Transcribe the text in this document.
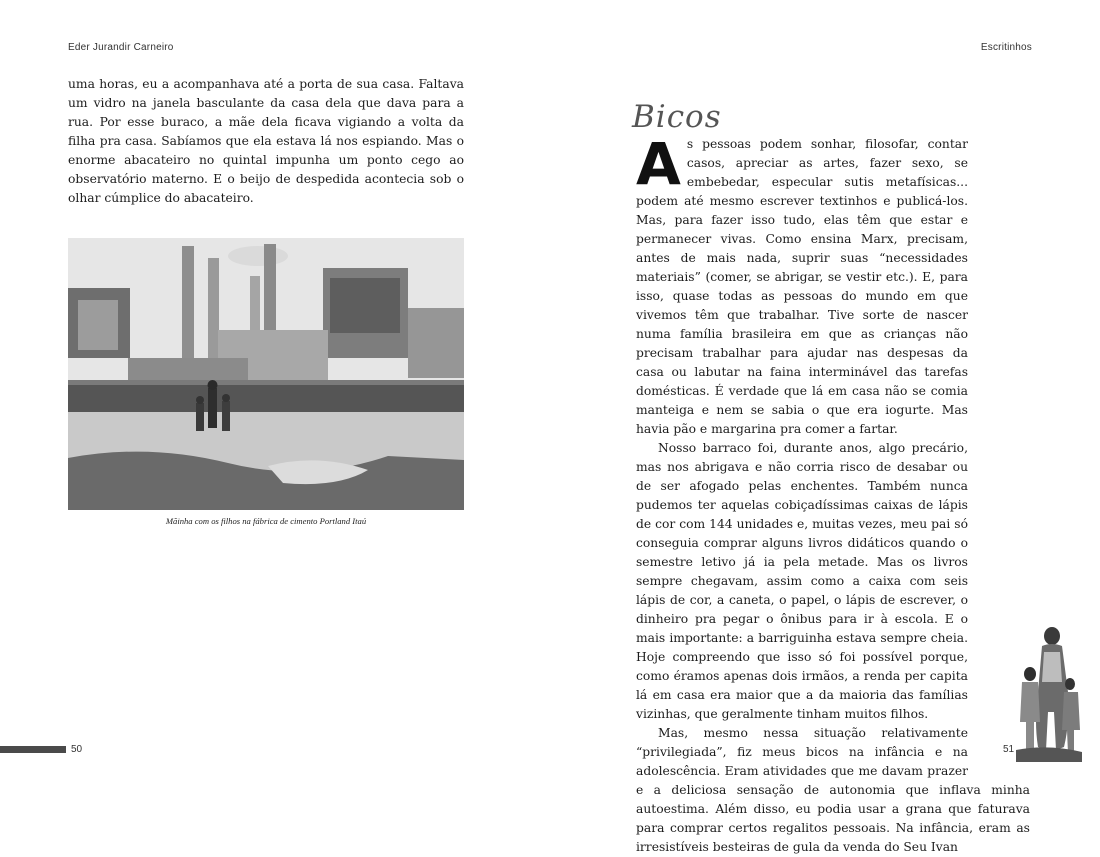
Eder Jurandir Carneiro

uma horas, eu a acompanhava até a porta de sua casa. Faltava um vidro na janela basculante da casa dela que dava para a rua. Por esse buraco, a mãe dela ficava vigiando a volta da filha pra casa. Sabíamos que ela estava lá nos espiando. Mas o enorme abacateiro no quintal impunha um ponto cego ao observatório materno. E o beijo de despedida acontecia sob o olhar cúmplice do abacateiro.

Mãinha com os filhos na fábrica de cimento Portland Itaú
50
Escritinhos
51
Bicos

As pessoas podem sonhar, filosofar, contar casos, apreciar as artes, fazer sexo, se embebedar, especular sutis metafísicas... podem até mesmo escrever textinhos e publicá-los. Mas, para fazer isso tudo, elas têm que estar e permanecer vivas. Como ensina Marx, precisam, antes de mais nada, suprir suas “necessidades materiais” (comer, se abrigar, se vestir etc.). E, para isso, quase todas as pessoas do mundo em que vivemos têm que trabalhar. Tive sorte de nascer numa família brasileira em que as crianças não precisam trabalhar para ajudar nas despesas da casa ou labutar na faina interminável das tarefas domésticas. É verdade que lá em casa não se comia manteiga e nem se sabia o que era iogurte. Mas havia pão e margarina pra comer a fartar.

Nosso barraco foi, durante anos, algo precário, mas nos abrigava e não corria risco de desabar ou de ser afogado pelas enchentes. Também nunca pudemos ter aquelas cobiçadíssimas caixas de lápis de cor com 144 unidades e, muitas vezes, meu pai só conseguia comprar alguns livros didáticos quando o semestre letivo já ia pela metade. Mas os livros sempre chegavam, assim como a caixa com seis lápis de cor, a caneta, o papel, o lápis de escrever, o dinheiro pra pegar o ônibus para ir à escola. E o mais importante: a barriguinha estava sempre cheia. Hoje compreendo que isso só foi possível porque, como éramos apenas dois irmãos, a renda per capita lá em casa era maior que a da maioria das famílias vizinhas, que geralmente tinham muitos filhos.

Mas, mesmo nessa situação relativamente “privilegiada”, fiz meus bicos na infância e na adolescência. Eram atividades que me davam prazer e a deliciosa sensação de autonomia que inflava minha autoestima. Além disso, eu podia usar a grana que faturava para comprar certos regalitos pessoais. Na infância, eram as irresistíveis besteiras de gula da venda do Seu Ivan
